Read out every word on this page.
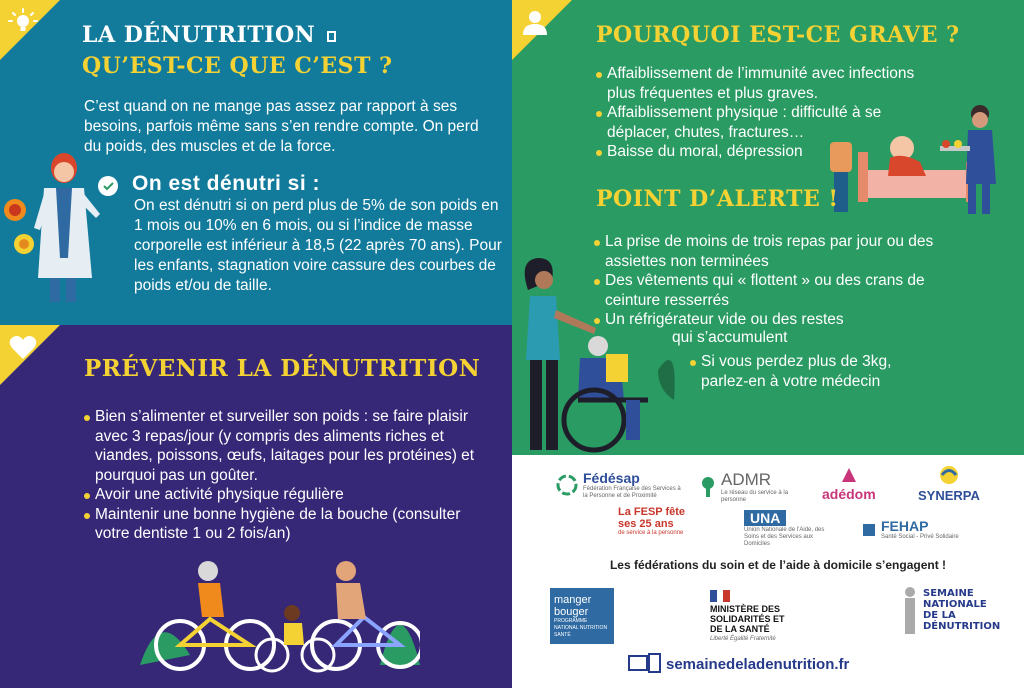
LA DÉNUTRITION
QU’EST-CE QUE C’EST ?
C’est quand on ne mange pas assez par rapport à ses besoins, parfois même sans s’en rendre compte. On perd du poids, des muscles et de la force.
On est dénutri si :
On est dénutri si on perd plus de 5% de son poids en 1 mois ou 10% en 6 mois, ou si l’indice de masse corporelle est inférieur à 18,5 (22 après 70 ans). Pour les enfants, stagnation voire cassure des courbes de poids et/ou de taille.
POURQUOI EST-CE GRAVE ?
Affaiblissement de l’immunité avec infections plus fréquentes et plus graves.
Affaiblissement physique : difficulté à se déplacer, chutes, fractures…
Baisse du moral, dépression
POINT D’ALERTE !
La prise de moins de trois repas par jour ou des assiettes non terminées
Des vêtements qui « flottent » ou des crans de ceinture resserrés
Un réfrigérateur vide ou des restes
qui s’accumulent
Si vous perdez plus de 3kg, parlez-en à votre médecin
PRÉVENIR LA DÉNUTRITION
Bien s’alimenter et surveiller son poids : se faire plaisir avec 3 repas/jour (y compris des aliments riches et viandes, poissons, œufs, laitages pour les protéines) et pourquoi pas un goûter.
Avoir une activité physique régulière
Maintenir une bonne hygiène de la bouche (consulter votre dentiste 1 ou 2 fois/an)
Fédésap
Fédération Française des Services à la Personne et de Proximité
ADMR
Le réseau du service à la personne	adédom	SYNERPA
La FESP fête ses 25 ans
de service à la personne
UNA
Union Nationale de l’Aide, des Soins et des Services aux Domiciles
FEHAP
Santé Social - Privé Solidaire
Les fédérations du soin et de l’aide à domicile s’engagent !
manger bouger
PROGRAMME NATIONAL NUTRITION SANTÉ
MINISTÈRE DES SOLIDARITÉS ET DE LA SANTÉ
Liberté Égalité Fraternité
SEMAINE NATIONALE DE LA DÉNUTRITION
semainedeladenutrition.fr
